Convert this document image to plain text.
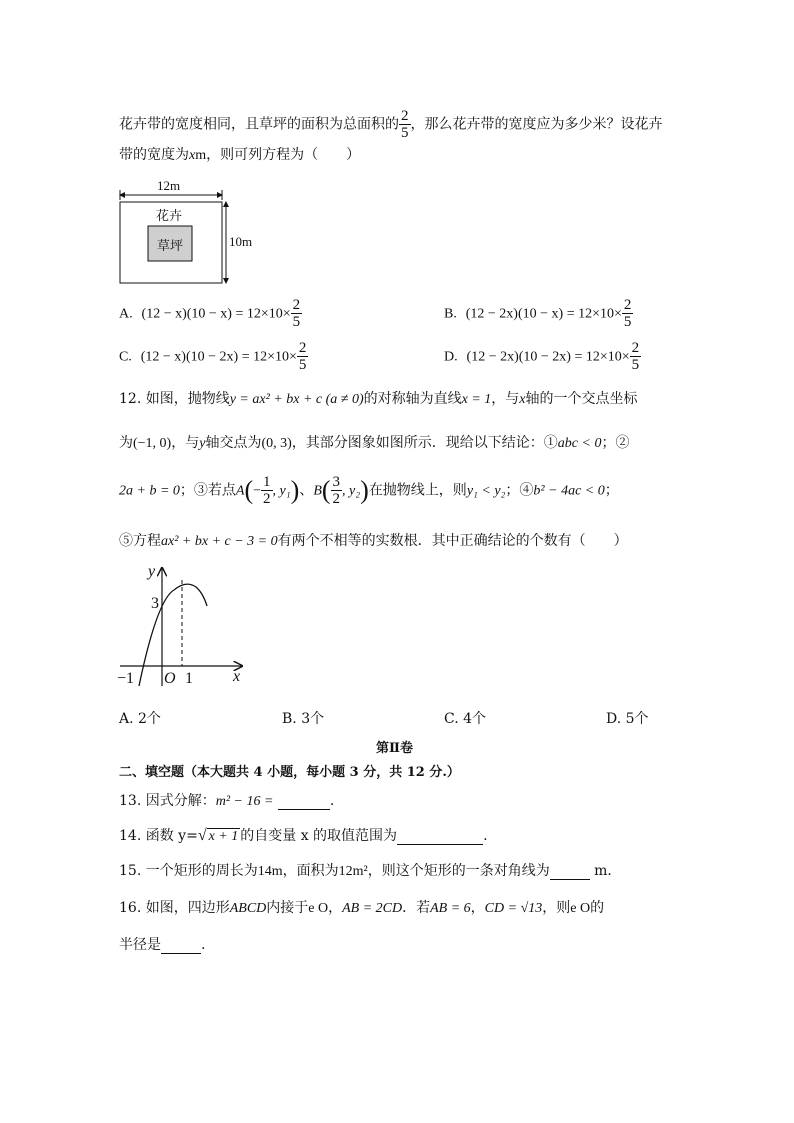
花卉带的宽度相同，且草坪的面积为总面积的 $\frac{2}{5}$ ，那么花卉带的宽度应为多少米？设花卉
带的宽度为xm，则可列方程为（　　）
12m
10m
花卉
草坪
A. $(12 - x)(10 - x) = 12\times 10\times \frac{2}{5}$	B. $(12 - 2x)(10 - x) = 12\times 10\times \frac{2}{5}$
C. $(12 - x)(10 - 2x) = 12\times 10\times \frac{2}{5}$	D. $(12 - 2x)(10 - 2x) = 12\times 10\times \frac{2}{5}$
12. 如图，抛物线y = ax² + bx + c (a ≠ 0)的对称轴为直线x = 1，与x轴的一个交点坐标
为(−1, 0)，与y轴交点为(0, 3)，其部分图象如图所示．现给以下结论：①abc < 0；②
2a + b = 0；③若点$A(- \frac{1}{2}$ , y₁)、$B( \frac{3}{2}$ , y₂)在抛物线上，则y₁ < y₂；④b² − 4ac < 0；
⑤方程ax² + bx + c − 3 = 0有两个不相等的实数根．其中正确结论的个数有（　　）
y
x
3
−1 O 1
A. 2个	B. 3个	C. 4个	D. 5个
第Ⅱ卷
二、填空题（本大题共 4 小题，每小题 3 分，共 12 分.）
13. 因式分解：m² − 16 =	.
14. 函数 y=√ x + 1 的自变量 x 的取值范围为	.
15. 一个矩形的周长为14m，面积为12m²，则这个矩形的一条对角线为	m．
16. 如图，四边形ABCD内接于e O，AB = 2CD．若AB = 6，CD = √13，则e O的
半径是	.
